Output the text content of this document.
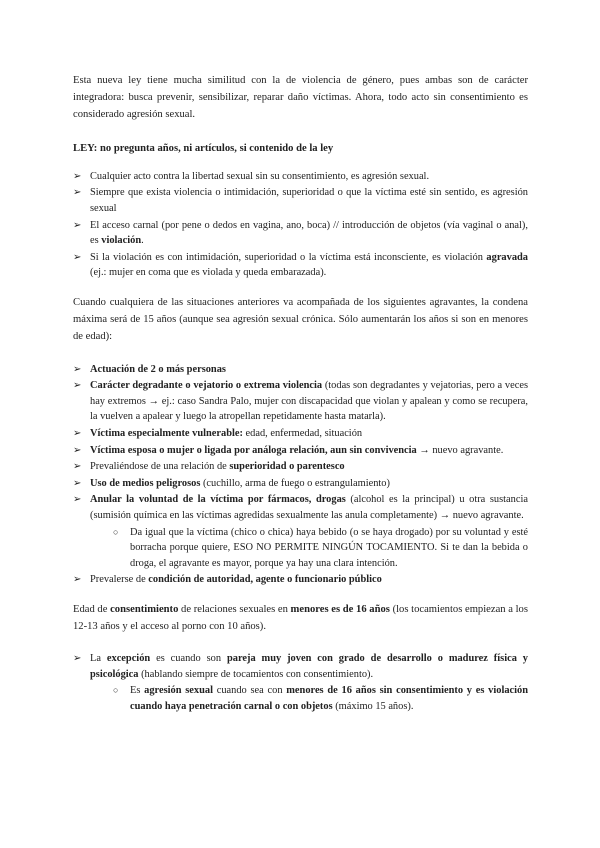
Esta nueva ley tiene mucha similitud con la de violencia de género, pues ambas son de carácter integradora: busca prevenir, sensibilizar, reparar daño víctimas. Ahora, todo acto sin consentimiento es considerado agresión sexual.

LEY: no pregunta años, ni artículos, si contenido de la ley

➢ Cualquier acto contra la libertad sexual sin su consentimiento, es agresión sexual.
➢ Siempre que exista violencia o intimidación, superioridad o que la víctima esté sin sentido, es agresión sexual
➢ El acceso carnal (por pene o dedos en vagina, ano, boca) // introducción de objetos (vía vaginal o anal), es violación.
➢ Si la violación es con intimidación, superioridad o la víctima está inconsciente, es violación agravada (ej.: mujer en coma que es violada y queda embarazada).

Cuando cualquiera de las situaciones anteriores va acompañada de los siguientes agravantes, la condena máxima será de 15 años (aunque sea agresión sexual crónica. Sólo aumentarán los años si son en menores de edad):

➢ Actuación de 2 o más personas
➢ Carácter degradante o vejatorio o extrema violencia (todas son degradantes y vejatorias, pero a veces hay extremos → ej.: caso Sandra Palo, mujer con discapacidad que violan y apalean y como se recupera, la vuelven a apalear y luego la atropellan repetidamente hasta matarla).
➢ Víctima especialmente vulnerable: edad, enfermedad, situación
➢ Víctima esposa o mujer o ligada por análoga relación, aun sin convivencia → nuevo agravante.
➢ Prevaliéndose de una relación de superioridad o parentesco
➢ Uso de medios peligrosos (cuchillo, arma de fuego o estrangulamiento)
➢ Anular la voluntad de la víctima por fármacos, drogas (alcohol es la principal) u otra sustancia (sumisión química en las víctimas agredidas sexualmente las anula completamente) → nuevo agravante.
○ Da igual que la víctima (chico o chica) haya bebido (o se haya drogado) por su voluntad y esté borracha porque quiere, ESO NO PERMITE NINGÚN TOCAMIENTO. Si te dan la bebida o droga, el agravante es mayor, porque ya hay una clara intención.
➢ Prevalerse de condición de autoridad, agente o funcionario público

Edad de consentimiento de relaciones sexuales en menores es de 16 años (los tocamientos empiezan a los 12-13 años y el acceso al porno con 10 años).

➢ La excepción es cuando son pareja muy joven con grado de desarrollo o madurez física y psicológica (hablando siempre de tocamientos con consentimiento).
○ Es agresión sexual cuando sea con menores de 16 años sin consentimiento y es violación cuando haya penetración carnal o con objetos (máximo 15 años).
